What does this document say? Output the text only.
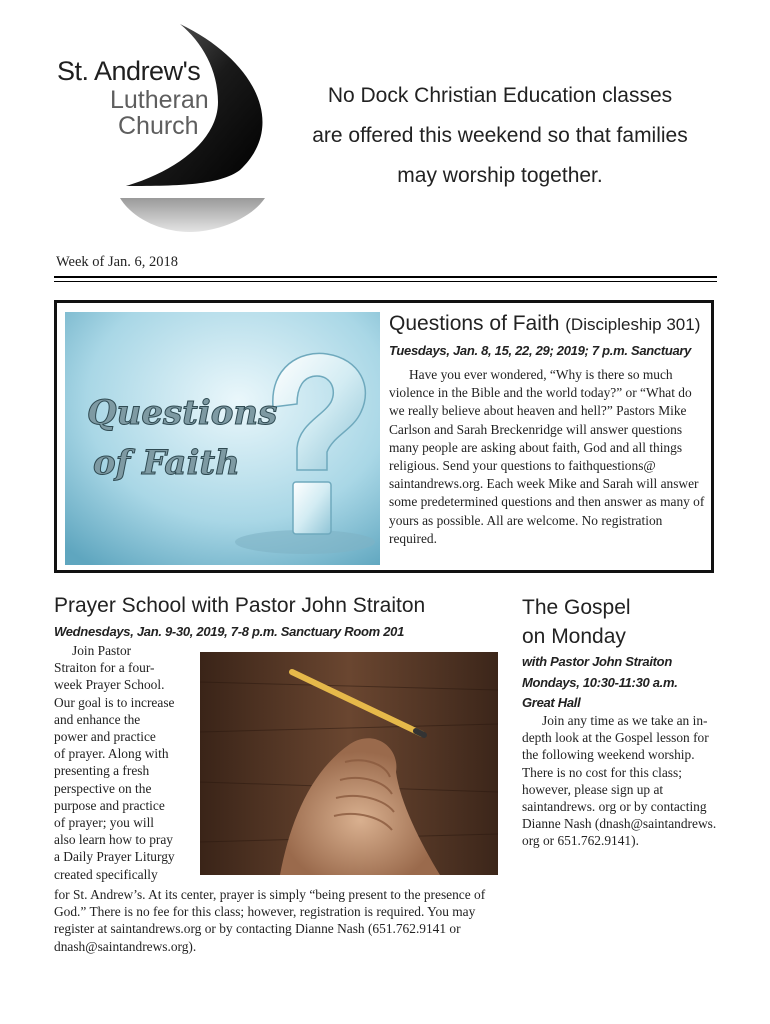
St. Andrew's
Lutheran
Church
No Dock Christian Education classes
are offered this weekend so that families
may worship together.
Week of Jan. 6, 2018
Questions
of Faith
Questions of Faith (Discipleship 301)
Tuesdays, Jan. 8, 15, 22, 29; 2019; 7 p.m. Sanctuary
Have you ever wondered, “Why is there so much violence in the Bible and the world today?” or “What do we really believe about heaven and hell?” Pastors Mike Carlson and Sarah Breckenridge will answer questions many people are asking about faith, God and all things religious. Send your questions to faithquestions@ saintandrews.org. Each week Mike and Sarah will answer some predetermined questions and then answer as many of yours as possible. All are welcome. No registration required.
Prayer School with Pastor John Straiton
Wednesdays, Jan. 9-30, 2019, 7-8 p.m. Sanctuary Room 201
Join Pastor
Straiton for a four-
week Prayer School.
Our goal is to increase
and enhance the
power and practice
of prayer. Along with
presenting a fresh
perspective on the
purpose and practice
of prayer; you will
also learn how to pray
a Daily Prayer Liturgy
created specifically
for St. Andrew’s. At its center, prayer is simply “being present to the presence of God.” There is no fee for this class; however, registration is required. You may register at saintandrews.org or by contacting Dianne Nash (651.762.9141 or dnash@saintandrews.org).
The Gospel
on Monday
with Pastor John Straiton
Mondays, 10:30-11:30 a.m.
Great Hall
Join any time as we take an in-depth look at the Gospel lesson for the following weekend worship. There is no cost for this class; however, please sign up at saintandrews. org or by contacting Dianne Nash (dnash@saintandrews. org or 651.762.9141).
